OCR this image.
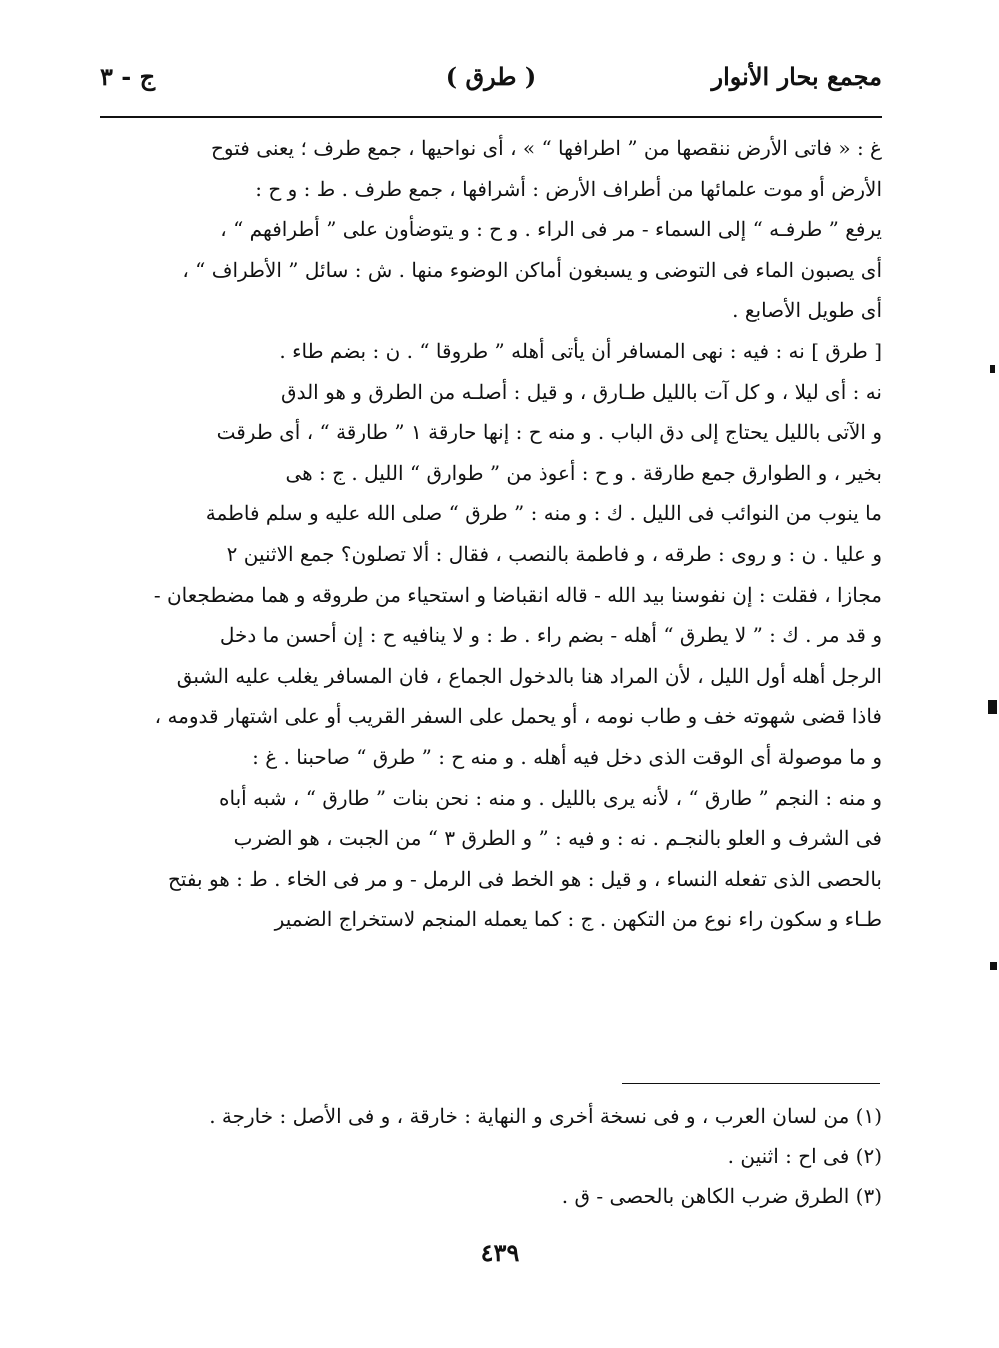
مجمع بحار الأنوار
( طرق )
ج - ٣

غ : « فاتى الأرض ننقصها من ” اطرافها “ » ، أى نواحيها ، جمع طرف ؛ يعنى فتوح

الأرض أو موت علمائها من أطراف الأرض : أشرافها ، جمع طرف . ط : و ح :

يرفع ” طرفـه “ إلى السماء - مر فى الراء . و ح : و يتوضأون على ” أطرافهم “ ،

أى يصبون الماء فى التوضى و يسبغون أماكن الوضوء منها . ش : سائل ” الأطراف “ ،

أى طويل الأصابع .

[ طرق ] نه : فيه : نهى المسافر أن يأتى أهله ” طروقا “ . ن : بضم طاء .

نه : أى ليلا ، و كل آت بالليل طـارق ، و قيل : أصلـه من الطرق و هو الدق

و الآتى بالليل يحتاج إلى دق الباب . و منه ح : إنها حارقة ١ ” طارقة “ ، أى طرقت

بخير ، و الطوارق جمع طارقة . و ح : أعوذ من ” طوارق “ الليل . ج : هى

ما ينوب من النوائب فى الليل . ك : و منه : ” طرق “ صلى الله عليه و سلم فاطمة

و عليا . ن : و روى : طرقه ، و فاطمة بالنصب ، فقال : ألا تصلون؟ جمع الاثنين ٢

مجازا ، فقلت : إن نفوسنا بيد الله - قاله انقباضا و استحياء من طروقه و هما مضطجعان -

و قد مر . ك : ” لا يطرق “ أهله - بضم راء . ط : و لا ينافيه ح : إن أحسن ما دخل

الرجل أهله أول الليل ، لأن المراد هنا بالدخول الجماع ، فان المسافر يغلب عليه الشبق

فاذا قضى شهوته خف و طاب نومه ، أو يحمل على السفر القريب أو على اشتهار قدومه ،

و ما موصولة أى الوقت الذى دخل فيه أهله . و منه ح : ” طرق “ صاحبنا . غ :

و منه : النجم ” طارق “ ، لأنه يرى بالليل . و منه : نحن بنات ” طارق “ ، شبه أباه

فى الشرف و العلو بالنجـم . نه : و فيه : ” و الطرق ٣ “ من الجبت ، هو الضرب

بالحصى الذى تفعله النساء ، و قيل : هو الخط فى الرمل - و مر فى الخاء . ط : هو بفتح

طـاء و سكون راء نوع من التكهن . ج : كما يعمله المنجم لاستخراج الضمير

(١) من لسان العرب ، و فى نسخة أخرى و النهاية : خارقة ، و فى الأصل : خارجة .

(٢) فى اح : اثنين .

(٣) الطرق ضرب الكاهن بالحصى - ق .

٤٣٩
